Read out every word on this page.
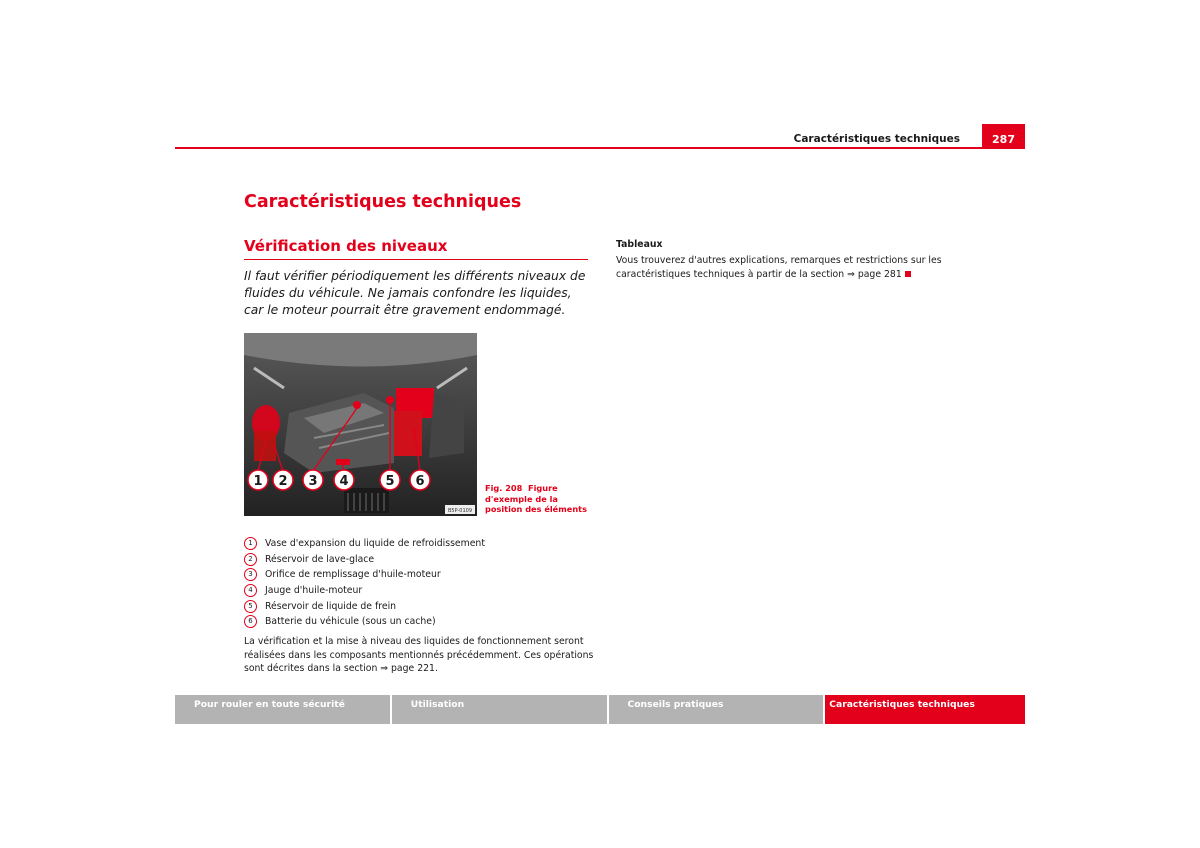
Caractéristiques techniques	287
Caractéristiques techniques
Vérification des niveaux
Il faut vérifier périodiquement les différents niveaux de fluides du véhicule. Ne jamais confondre les liquides, car le moteur pourrait être gravement endommagé.
1 2 3 4	5 6
B5P-0109
Fig. 208 Figure d'exemple de la position des éléments
1	Vase d'expansion du liquide de refroidissement
2	Réservoir de lave-glace
3	Orifice de remplissage d'huile-moteur
4	Jauge d'huile-moteur
5	Réservoir de liquide de frein
6	Batterie du véhicule (sous un cache)
La vérification et la mise à niveau des liquides de fonctionnement seront réalisées dans les composants mentionnés précédemment. Ces opérations sont décrites dans la section ⇒ page 221.
Tableaux
Vous trouverez d'autres explications, remarques et restrictions sur les caractéristiques techniques à partir de la section ⇒ page 281
Pour rouler en toute sécurité	Utilisation	Conseils pratiques	Caractéristiques techniques
